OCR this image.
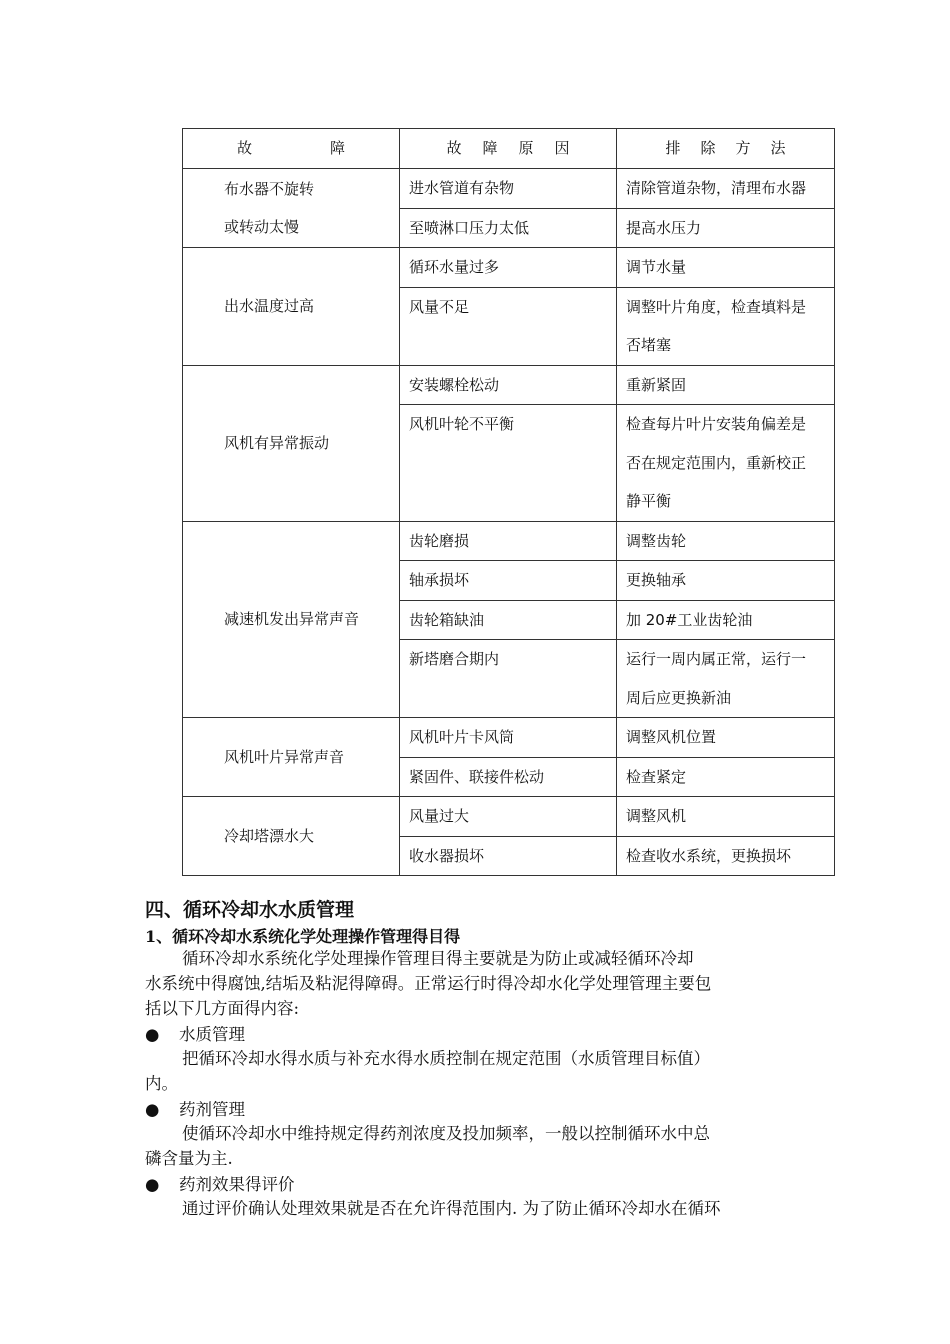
故障	故障原因	排除方法

布水器不旋转
或转动太慢	进水管道有杂物	清除管道杂物，清理布水器
	至喷淋口压力太低	提高水压力
出水温度过高	循环水量过多	调节水量
	风量不足	调整叶片角度，检查填料是
否堵塞

风机有异常振动	安装螺栓松动	重新紧固
	风机叶轮不平衡	检查每片叶片安装角偏差是
否在规定范围内，重新校正
静平衡

减速机发出异常声音	齿轮磨损	调整齿轮
	轴承损坏	更换轴承
	齿轮箱缺油	加 20#工业齿轮油
	新塔磨合期内	运行一周内属正常，运行一
周后应更换新油

风机叶片异常声音	风机叶片卡风筒	调整风机位置
	紧固件、联接件松动	检查紧定
冷却塔漂水大	风量过大	调整风机
	收水器损坏	检查收水系统，更换损坏
四、循环冷却水水质管理
1、循环冷却水系统化学处理操作管理得目得
循环冷却水系统化学处理操作管理目得主要就是为防止或减轻循环冷却
水系统中得腐蚀,结垢及粘泥得障碍。正常运行时得冷却水化学处理管理主要包
括以下几方面得内容:
● 水质管理
把循环冷却水得水质与补充水得水质控制在规定范围（水质管理目标值）
内。
● 药剂管理
使循环冷却水中维持规定得药剂浓度及投加频率，一般以控制循环水中总
磷含量为主.
● 药剂效果得评价
通过评价确认处理效果就是否在允许得范围内. 为了防止循环冷却水在循环
